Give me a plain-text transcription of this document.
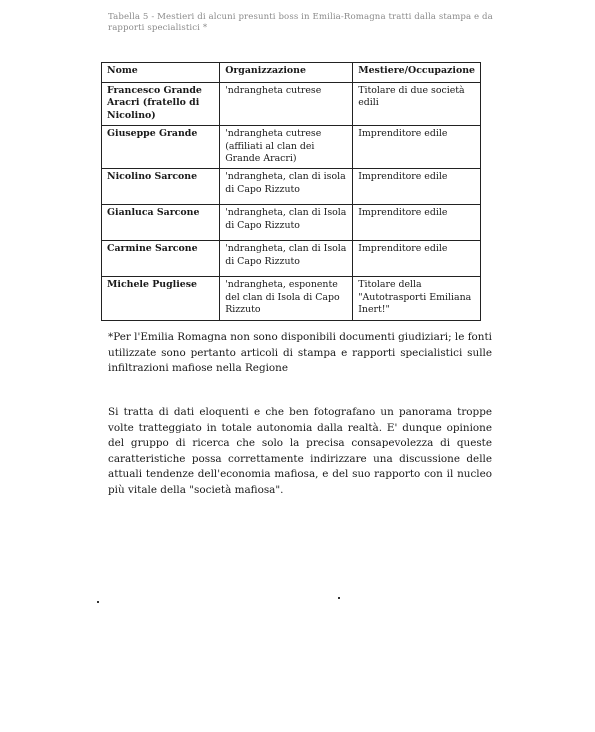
Tabella 5 - Mestieri di alcuni presunti boss in Emilia-Romagna tratti dalla stampa e da rapporti specialistici *
Nome	Organizzazione	Mestiere/Occupazione
Francesco Grande Aracri (fratello di Nicolino)	'ndrangheta cutrese	Titolare di due società edili
Giuseppe Grande	'ndrangheta cutrese (affiliati al clan dei Grande Aracri)	Imprenditore edile
Nicolino Sarcone	'ndrangheta, clan di isola di Capo Rizzuto	Imprenditore edile
Gianluca Sarcone	'ndrangheta, clan di Isola di Capo Rizzuto	Imprenditore edile
Carmine Sarcone	'ndrangheta, clan di Isola di Capo Rizzuto	Imprenditore edile
Michele Pugliese	'ndrangheta, esponente del clan di Isola di Capo Rizzuto	Titolare della "Autotrasporti Emiliana Inert!"
*Per l'Emilia Romagna non sono disponibili documenti giudiziari; le fonti utilizzate sono pertanto articoli di stampa e rapporti specialistici sulle infiltrazioni mafiose nella Regione
Si tratta di dati eloquenti e che ben fotografano un panorama troppe volte tratteggiato in totale autonomia dalla realtà. E' dunque opinione del gruppo di ricerca che solo la precisa consapevolezza di queste caratteristiche possa correttamente indirizzare una discussione delle attuali tendenze dell'economia mafiosa, e del suo rapporto con il nucleo più vitale della "società mafiosa".
